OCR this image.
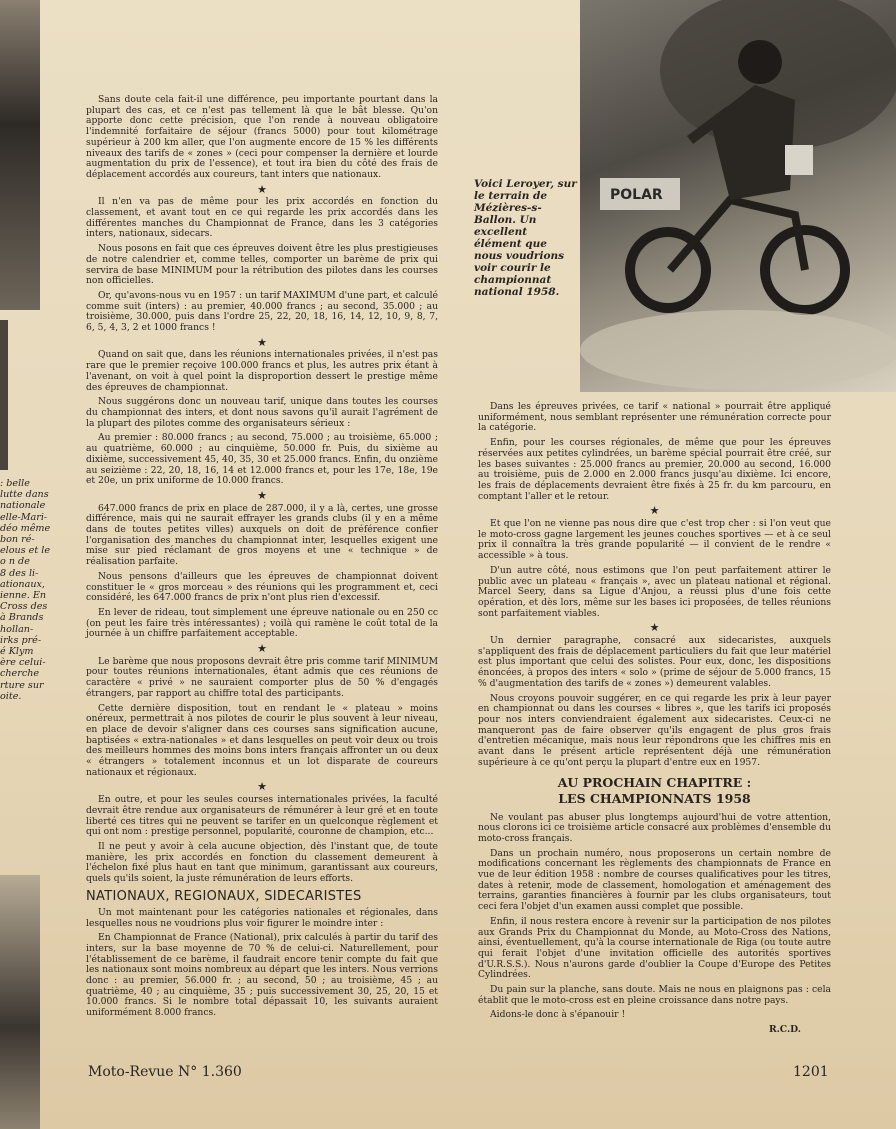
POLAR
Voici Leroyer, sur le terrain de Mézières-s-Ballon. Un excellent élément que nous voudrions voir courir le championnat national 1958.
: belle
lutte dans
nationale
elle-Mari-
déo même
bon ré-
elous et le
o n de
8 des li-
ationaux,
ienne. En
Cross des
à Brands
hollan-
irks pré-
é Klym
ère celui-
cherche
rture sur
oite.

Sans doute cela fait-il une différence, peu importante pourtant dans la plupart des cas, et ce n'est pas tellement là que le bât blesse. Qu'on apporte donc cette précision, que l'on rende à nouveau obligatoire l'indemnité forfaitaire de séjour (francs 5000) pour tout kilométrage supérieur à 200 km aller, que l'on augmente encore de 15 % les différents niveaux des tarifs de « zones » (ceci pour compenser la dernière et lourde augmentation du prix de l'essence), et tout ira bien du côté des frais de déplacement accordés aux coureurs, tant inters que nationaux.

★

Il n'en va pas de même pour les prix accordés en fonction du classement, et avant tout en ce qui regarde les prix accordés dans les différentes manches du Championnat de France, dans les 3 catégories inters, nationaux, sidecars.

Nous posons en fait que ces épreuves doivent être les plus prestigieuses de notre calendrier et, comme telles, comporter un barème de prix qui servira de base MINIMUM pour la rétribution des pilotes dans les courses non officielles.

Or, qu'avons-nous vu en 1957 : un tarif MAXIMUM d'une part, et calculé comme suit (inters) : au premier, 40.000 francs ; au second, 35.000 ; au troisième, 30.000, puis dans l'ordre 25, 22, 20, 18, 16, 14, 12, 10, 9, 8, 7, 6, 5, 4, 3, 2 et 1000 francs !

★

Quand on sait que, dans les réunions internationales privées, il n'est pas rare que le premier reçoive 100.000 francs et plus, les autres prix étant à l'avenant, on voit à quel point la disproportion dessert le prestige même des épreuves de championnat.

Nous suggérons donc un nouveau tarif, unique dans toutes les courses du championnat des inters, et dont nous savons qu'il aurait l'agrément de la plupart des pilotes comme des organisateurs sérieux :

Au premier : 80.000 francs ; au second, 75.000 ; au troisième, 65.000 ; au quatrième, 60.000 ; au cinquième, 50.000 fr. Puis, du sixième au dixième, successivement 45, 40, 35, 30 et 25.000 francs. Enfin, du onzième au seizième : 22, 20, 18, 16, 14 et 12.000 francs et, pour les 17e, 18e, 19e et 20e, un prix uniforme de 10.000 francs.

★

647.000 francs de prix en place de 287.000, il y a là, certes, une grosse différence, mais qui ne saurait effrayer les grands clubs (il y en a même dans de toutes petites villes) auxquels on doit de préférence confier l'organisation des manches du championnat inter, lesquelles exigent une mise sur pied réclamant de gros moyens et une « technique » de réalisation parfaite.

Nous pensons d'ailleurs que les épreuves de championnat doivent constituer le « gros morceau » des réunions qui les programment et, ceci considéré, les 647.000 francs de prix n'ont plus rien d'excessif.

En lever de rideau, tout simplement une épreuve nationale ou en 250 cc (on peut les faire très intéressantes) ; voilà qui ramène le coût total de la journée à un chiffre parfaitement acceptable.

★

Le barème que nous proposons devrait être pris comme tarif MINIMUM pour toutes réunions internationales, étant admis que ces réunions de caractère « privé » ne sauraient comporter plus de 50 % d'engagés étrangers, par rapport au chiffre total des participants.

Cette dernière disposition, tout en rendant le « plateau » moins onéreux, permettrait à nos pilotes de courir le plus souvent à leur niveau, en place de devoir s'aligner dans ces courses sans signification aucune, baptisées « extra-nationales » et dans lesquelles on peut voir deux ou trois des meilleurs hommes des moins bons inters français affronter un ou deux « étrangers » totalement inconnus et un lot disparate de coureurs nationaux et régionaux.

★

En outre, et pour les seules courses internationales privées, la faculté devrait être rendue aux organisateurs de rémunérer à leur gré et en toute liberté ces titres qui ne peuvent se tarifer en un quelconque règlement et qui ont nom : prestige personnel, popularité, couronne de champion, etc...

Il ne peut y avoir à cela aucune objection, dès l'instant que, de toute manière, les prix accordés en fonction du classement demeurent à l'échelon fixé plus haut en tant que minimum, garantissant aux coureurs, quels qu'ils soient, la juste rémunération de leurs efforts.

NATIONAUX, REGIONAUX, SIDECARISTES

Un mot maintenant pour les catégories nationales et régionales, dans lesquelles nous ne voudrions plus voir figurer le moindre inter :

En Championnat de France (National), prix calculés à partir du tarif des inters, sur la base moyenne de 70 % de celui-ci. Naturellement, pour l'établissement de ce barème, il faudrait encore tenir compte du fait que les nationaux sont moins nombreux au départ que les inters. Nous verrions donc : au premier, 56.000 fr. ; au second, 50 ; au troisième, 45 ; au quatrième, 40 ; au cinquième, 35 ; puis successivement 30, 25, 20, 15 et 10.000 francs. Si le nombre total dépassait 10, les suivants auraient uniformément 8.000 francs.

Dans les épreuves privées, ce tarif « national » pourrait être appliqué uniformément, nous semblant représenter une rémunération correcte pour la catégorie.

Enfin, pour les courses régionales, de même que pour les épreuves réservées aux petites cylindrées, un barème spécial pourrait être créé, sur les bases suivantes : 25.000 francs au premier, 20.000 au second, 16.000 au troisième, puis de 2.000 en 2.000 francs jusqu'au dixième. Ici encore, les frais de déplacements devraient être fixés à 25 fr. du km parcouru, en comptant l'aller et le retour.

★

Et que l'on ne vienne pas nous dire que c'est trop cher : si l'on veut que le moto-cross gagne largement les jeunes couches sportives — et à ce seul prix il connaîtra la très grande popularité — il convient de le rendre « accessible » à tous.

D'un autre côté, nous estimons que l'on peut parfaitement attirer le public avec un plateau « français », avec un plateau national et régional. Marcel Seery, dans sa Ligue d'Anjou, a réussi plus d'une fois cette opération, et dès lors, même sur les bases ici proposées, de telles réunions sont parfaitement viables.

★

Un dernier paragraphe, consacré aux sidecaristes, auxquels s'appliquent des frais de déplacement particuliers du fait que leur matériel est plus important que celui des solistes. Pour eux, donc, les dispositions énoncées, à propos des inters « solo » (prime de séjour de 5.000 francs, 15 % d'augmentation des tarifs de « zones ») demeurent valables.

Nous croyons pouvoir suggérer, en ce qui regarde les prix à leur payer en championnat ou dans les courses « libres », que les tarifs ici proposés pour nos inters conviendraient également aux sidecaristes. Ceux-ci ne manqueront pas de faire observer qu'ils engagent de plus gros frais d'entretien mécanique, mais nous leur répondrons que les chiffres mis en avant dans le présent article représentent déjà une rémunération supérieure à ce qu'ont perçu la plupart d'entre eux en 1957.

AU PROCHAIN CHAPITRE :
LES CHAMPIONNATS 1958

Ne voulant pas abuser plus longtemps aujourd'hui de votre attention, nous clorons ici ce troisième article consacré aux problèmes d'ensemble du moto-cross français.

Dans un prochain numéro, nous proposerons un certain nombre de modifications concernant les règlements des championnats de France en vue de leur édition 1958 : nombre de courses qualificatives pour les titres, dates à retenir, mode de classement, homologation et aménagement des terrains, garanties financières à fournir par les clubs organisateurs, tout ceci fera l'objet d'un examen aussi complet que possible.

Enfin, il nous restera encore à revenir sur la participation de nos pilotes aux Grands Prix du Championnat du Monde, au Moto-Cross des Nations, ainsi, éventuellement, qu'à la course internationale de Riga (ou toute autre qui ferait l'objet d'une invitation officielle des autorités sportives d'U.R.S.S.). Nous n'aurons garde d'oublier la Coupe d'Europe des Petites Cylindrées.

Du pain sur la planche, sans doute. Mais ne nous en plaignons pas : cela établit que le moto-cross est en pleine croissance dans notre pays.

Aidons-le donc à s'épanouir !

R.C.D.
Moto-Revue N° 1.360	1201
